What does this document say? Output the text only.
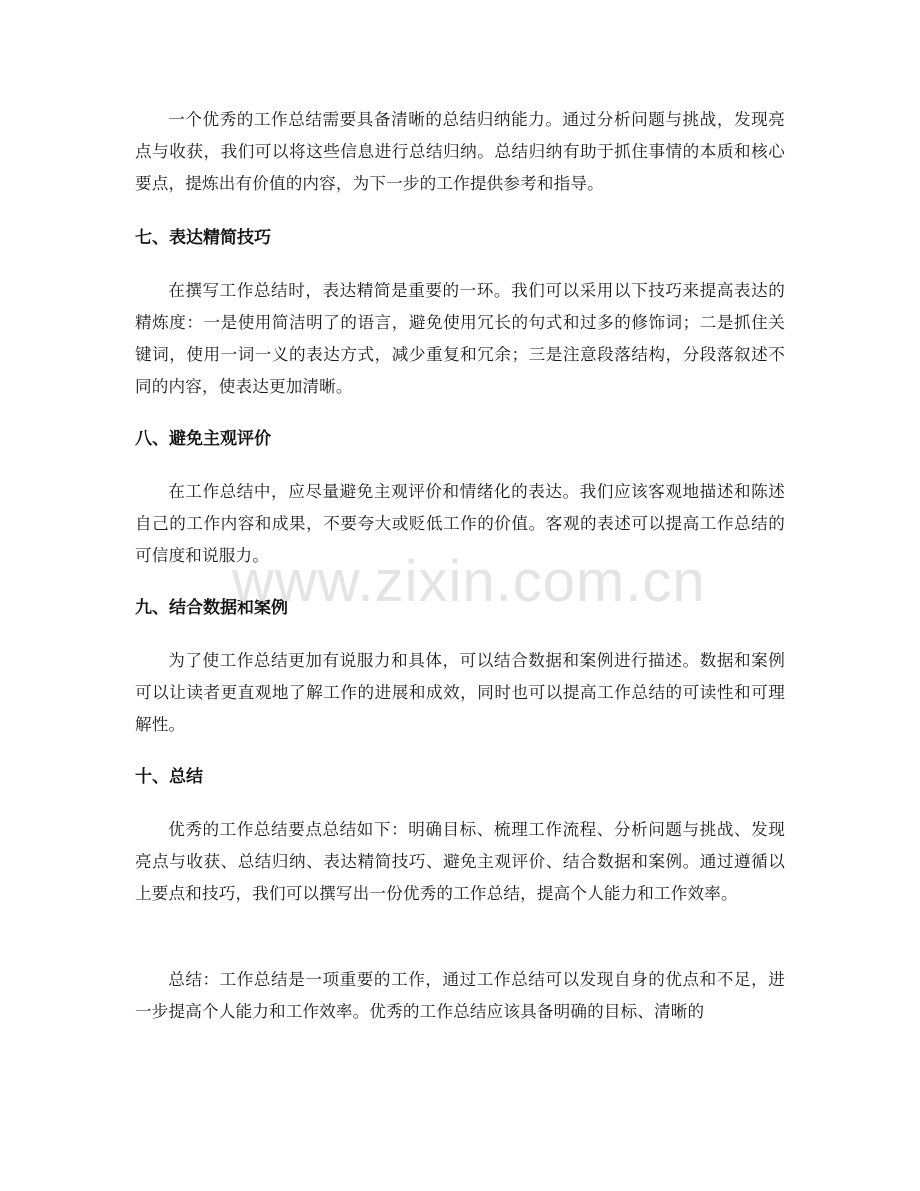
一个优秀的工作总结需要具备清晰的总结归纳能力。通过分析问题与挑战，发现亮点与收获，我们可以将这些信息进行总结归纳。总结归纳有助于抓住事情的本质和核心要点，提炼出有价值的内容，为下一步的工作提供参考和指导。

七、表达精简技巧

在撰写工作总结时，表达精简是重要的一环。我们可以采用以下技巧来提高表达的精炼度：一是使用简洁明了的语言，避免使用冗长的句式和过多的修饰词；二是抓住关键词，使用一词一义的表达方式，减少重复和冗余；三是注意段落结构，分段落叙述不同的内容，使表达更加清晰。

八、避免主观评价

在工作总结中，应尽量避免主观评价和情绪化的表达。我们应该客观地描述和陈述自己的工作内容和成果，不要夸大或贬低工作的价值。客观的表述可以提高工作总结的可信度和说服力。

九、结合数据和案例

为了使工作总结更加有说服力和具体，可以结合数据和案例进行描述。数据和案例可以让读者更直观地了解工作的进展和成效，同时也可以提高工作总结的可读性和可理解性。

十、总结

优秀的工作总结要点总结如下：明确目标、梳理工作流程、分析问题与挑战、发现亮点与收获、总结归纳、表达精简技巧、避免主观评价、结合数据和案例。通过遵循以上要点和技巧，我们可以撰写出一份优秀的工作总结，提高个人能力和工作效率。

总结：工作总结是一项重要的工作，通过工作总结可以发现自身的优点和不足，进一步提高个人能力和工作效率。优秀的工作总结应该具备明确的目标、清晰的

www.zixin.com.cn
